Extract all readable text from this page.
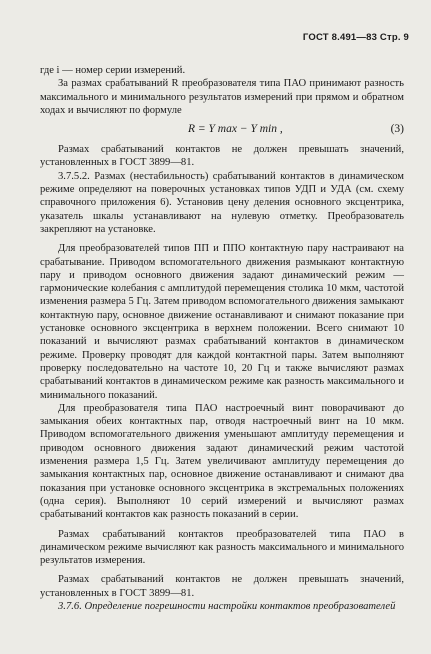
ГОСТ 8.491—83 Стр. 9

где i — номер серии измерений.

За размах срабатываний R преобразователя типа ПАО принимают разность максимального и минимального результатов измерений при прямом и обратном ходах и вычисляют по формуле

R = Y max − Y min ,	(3)

Размах срабатываний контактов не должен превышать значений, установленных в ГОСТ 3899—81.

3.7.5.2. Размах (нестабильность) срабатываний контактов в динамическом режиме определяют на поверочных установках типов УДП и УДА (см. схему справочного приложения 6). Установив цену деления основного эксцентрика, указатель шкалы устанавливают на нулевую отметку. Преобразователь закрепляют на установке.

Для преобразователей типов ПП и ППО контактную пару настраивают на срабатывание. Приводом вспомогательного движения размыкают контактную пару и приводом основного движения задают динамический режим — гармонические колебания с амплитудой перемещения столика 10 мкм, частотой изменения размера 5 Гц. Затем приводом вспомогательного движения замыкают контактную пару, основное движение останавливают и снимают показание при установке основного эксцентрика в верхнем положении. Всего снимают 10 показаний и вычисляют размах срабатываний контактов в динамическом режиме. Проверку проводят для каждой контактной пары. Затем выполняют проверку последовательно на частоте 10, 20 Гц и также вычисляют размах срабатываний контактов в динамическом режиме как разность максимального и минимального показаний.

Для преобразователя типа ПАО настроечный винт поворачивают до замыкания обеих контактных пар, отводя настроечный винт на 10 мкм. Приводом вспомогательного движения уменьшают амплитуду перемещения и приводом основного движения задают динамический режим частотой изменения размера 1,5 Гц. Затем увеличивают амплитуду перемещения до замыкания контактных пар, основное движение останавливают и снимают два показания при установке основного эксцентрика в экстремальных положениях (одна серия). Выполняют 10 серий измерений и вычисляют размах срабатываний контактов как разность показаний в серии.

Размах срабатываний контактов преобразователей типа ПАО в динамическом режиме вычисляют как разность максимального и минимального результатов измерения.

Размах срабатываний контактов не должен превышать значений, установленных в ГОСТ 3899—81.

3.7.6. Определение погрешности настройки контактов преобразователей
